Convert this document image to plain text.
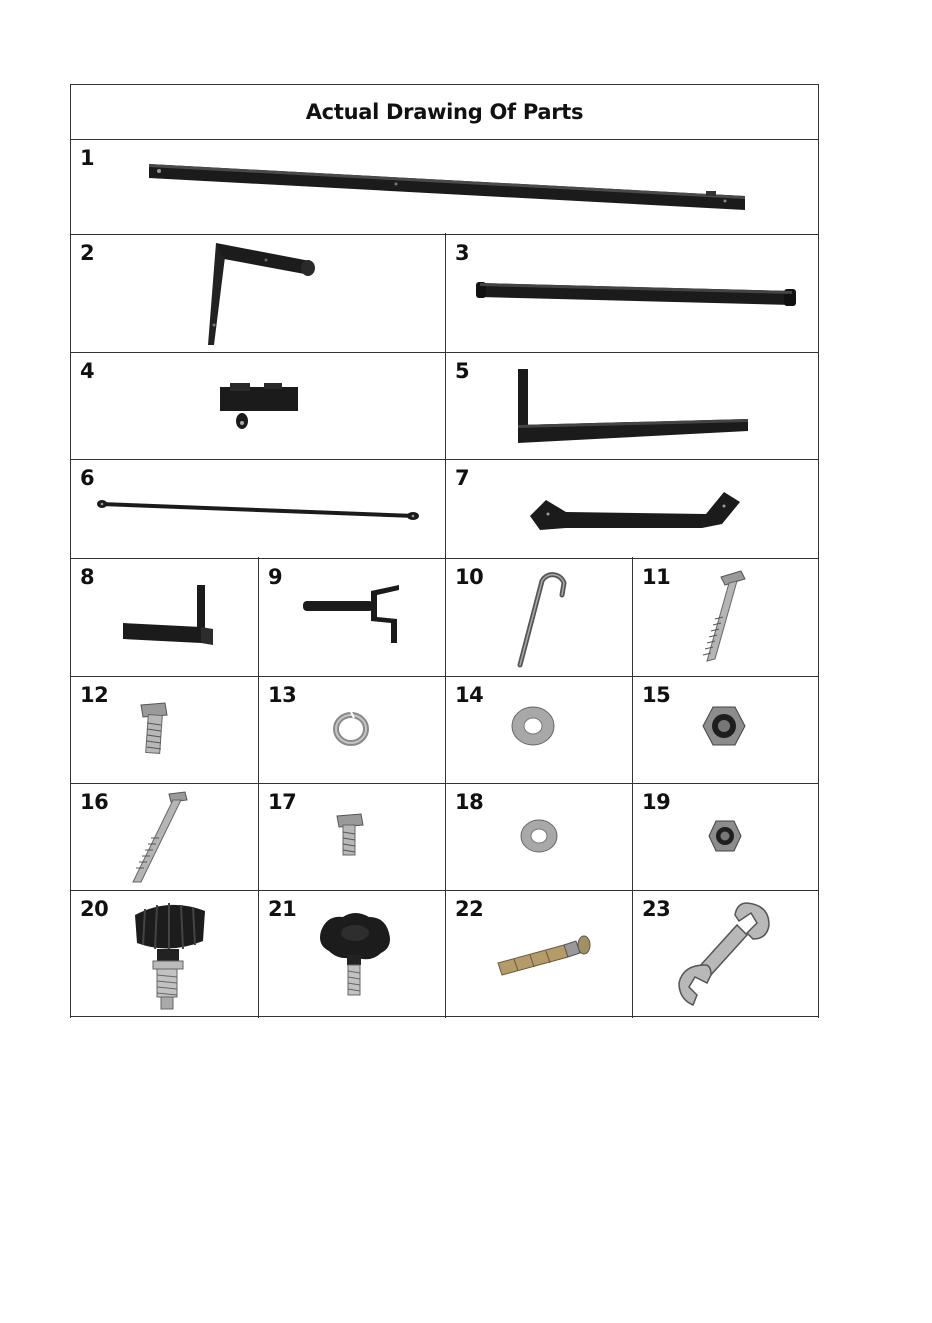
Actual Drawing Of Parts
1
2	3
4	5
6	7
8	9	10	11
12	13	14	15
16	17	18	19
20	21	22	23
